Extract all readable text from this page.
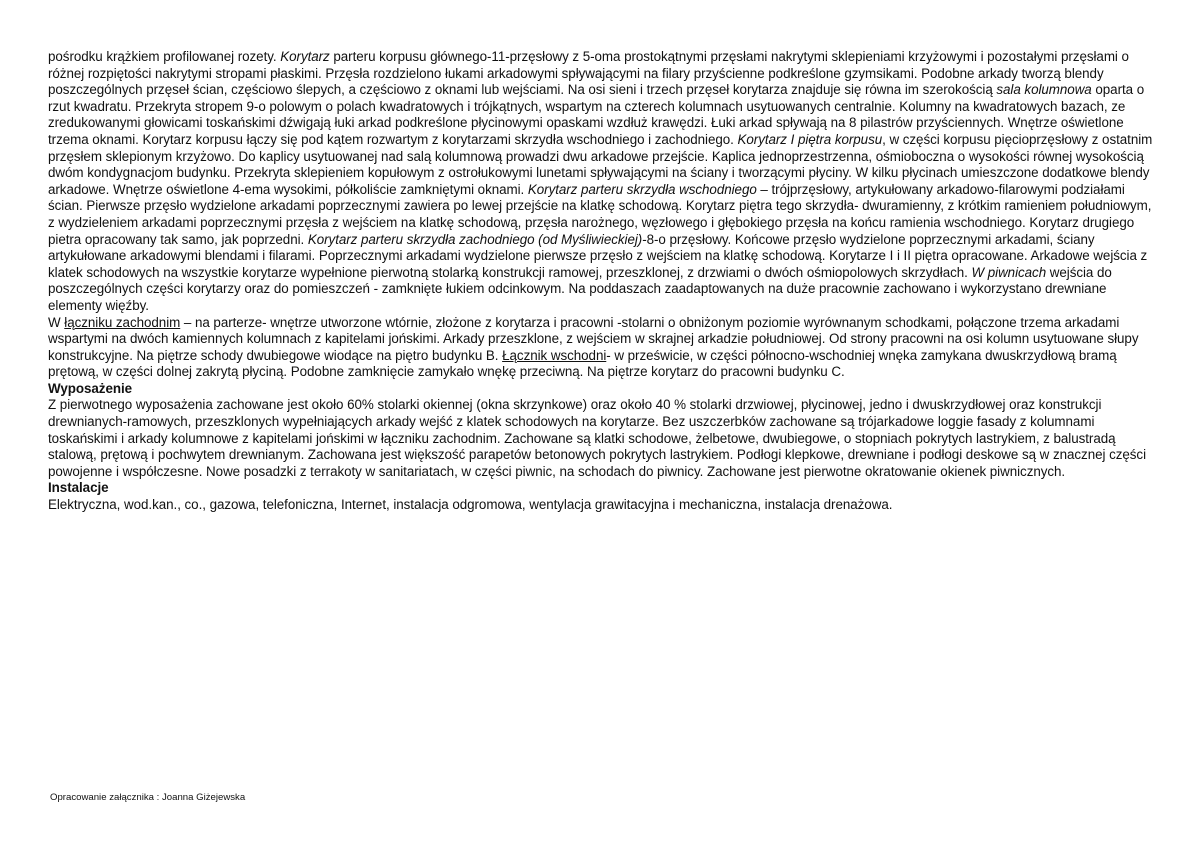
pośrodku krążkiem profilowanej rozety. Korytarz parteru korpusu głównego-11-przęsłowy z 5-oma prostokątnymi przęsłami nakrytymi sklepieniami krzyżowymi i pozostałymi przęsłami o różnej rozpiętości nakrytymi stropami płaskimi. Przęsła rozdzielono łukami arkadowymi spływającymi na filary przyścienne podkreślone gzymsikami. Podobne arkady tworzą blendy poszczególnych przęseł ścian, częściowo ślepych, a częściowo z oknami lub wejściami. Na osi sieni i trzech przęseł korytarza znajduje się równa im szerokością sala kolumnowa oparta o rzut kwadratu. Przekryta stropem 9-o polowym o polach kwadratowych i trójkątnych, wspartym na czterech kolumnach usytuowanych centralnie. Kolumny na kwadratowych bazach, ze zredukowanymi głowicami toskańskimi dźwigają łuki arkad podkreślone płycinowymi opaskami wzdłuż krawędzi. Łuki arkad spływają na 8 pilastrów przyściennych. Wnętrze oświetlone trzema oknami. Korytarz korpusu łączy się pod kątem rozwartym z korytarzami skrzydła wschodniego i zachodniego. Korytarz I piętra korpusu, w części korpusu pięcioprzęsłowy z ostatnim przęsłem sklepionym krzyżowo. Do kaplicy usytuowanej nad salą kolumnową prowadzi dwu arkadowe przejście. Kaplica jednoprzestrzenna, ośmioboczna o wysokości równej wysokością dwóm kondygnacjom budynku. Przekryta sklepieniem kopułowym z ostrołukowymi lunetami spływającymi na ściany i tworzącymi płyciny. W kilku płycinach umieszczone dodatkowe blendy arkadowe. Wnętrze oświetlone 4-ema wysokimi, półkoliście zamkniętymi oknami. Korytarz parteru skrzydła wschodniego – trójprzęsłowy, artykułowany arkadowo-filarowymi podziałami ścian. Pierwsze przęsło wydzielone arkadami poprzecznymi zawiera po lewej przejście na klatkę schodową. Korytarz piętra tego skrzydła- dwuramienny, z krótkim ramieniem południowym, z wydzieleniem arkadami poprzecznymi przęsła z wejściem na klatkę schodową, przęsła narożnego, węzłowego i głębokiego przęsła na końcu ramienia wschodniego. Korytarz drugiego pietra opracowany tak samo, jak poprzedni. Korytarz parteru skrzydła zachodniego (od Myśliwieckiej)-8-o przęsłowy. Końcowe przęsło wydzielone poprzecznymi arkadami, ściany artykułowane arkadowymi blendami i filarami. Poprzecznymi arkadami wydzielone pierwsze przęsło z wejściem na klatkę schodową. Korytarze I i II piętra opracowane. Arkadowe wejścia z klatek schodowych na wszystkie korytarze wypełnione pierwotną stolarką konstrukcji ramowej, przeszklonej, z drzwiami o dwóch ośmiopolowych skrzydłach. W piwnicach wejścia do poszczególnych części korytarzy oraz do pomieszczeń - zamknięte łukiem odcinkowym. Na poddaszach zaadaptowanych na duże pracownie zachowano i wykorzystano drewniane elementy więźby.

W łączniku zachodnim – na parterze- wnętrze utworzone wtórnie, złożone z korytarza i pracowni -stolarni o obniżonym poziomie wyrównanym schodkami, połączone trzema arkadami wspartymi na dwóch kamiennych kolumnach z kapitelami jońskimi. Arkady przeszklone, z wejściem w skrajnej arkadzie południowej. Od strony pracowni na osi kolumn usytuowane słupy konstrukcyjne. Na piętrze schody dwubiegowe wiodące na piętro budynku B. Łącznik wschodni- w prześwicie, w części północno-wschodniej wnęka zamykana dwuskrzydłową bramą prętową, w części dolnej zakrytą płyciną. Podobne zamknięcie zamykało wnękę przeciwną. Na piętrze korytarz do pracowni budynku C.

Wyposażenie

Z pierwotnego wyposażenia zachowane jest około 60% stolarki okiennej (okna skrzynkowe) oraz około 40 % stolarki drzwiowej, płycinowej, jedno i dwuskrzydłowej oraz konstrukcji drewnianych-ramowych, przeszklonych wypełniających arkady wejść z klatek schodowych na korytarze. Bez uszczerbków zachowane są trójarkadowe loggie fasady z kolumnami toskańskimi i arkady kolumnowe z kapitelami jońskimi w łączniku zachodnim. Zachowane są klatki schodowe, żelbetowe, dwubiegowe, o stopniach pokrytych lastrykiem, z balustradą stalową, prętową i pochwytem drewnianym. Zachowana jest większość parapetów betonowych pokrytych lastrykiem. Podłogi klepkowe, drewniane i podłogi deskowe są w znacznej części powojenne i współczesne. Nowe posadzki z terrakoty w sanitariatach, w części piwnic, na schodach do piwnicy. Zachowane jest pierwotne okratowanie okienek piwnicznych.

Instalacje

Elektryczna, wod.kan., co., gazowa, telefoniczna, Internet, instalacja odgromowa, wentylacja grawitacyjna i mechaniczna, instalacja drenażowa.

Opracowanie załącznika : Joanna Giżejewska
